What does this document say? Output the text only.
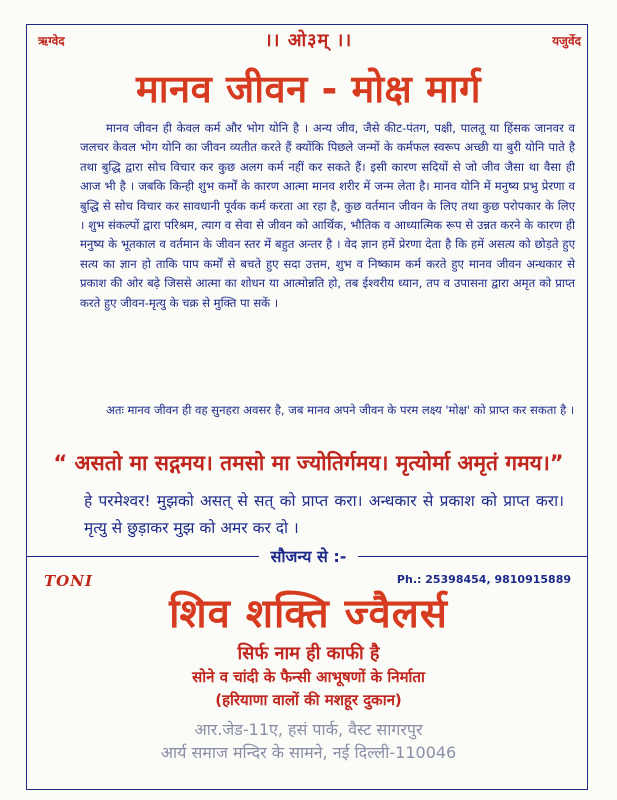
ऋग्वेद	यजुर्वेद
।। ओ३म् ।।
मानव जीवन - मोक्ष मार्ग
मानव जीवन ही केवल कर्म और भोग योनि है । अन्य जीव, जैसे कीट-पंतग, पक्षी, पालतू या हिंसक जानवर व जलचर केवल भोग योनि का जीवन व्यतीत करते हैं क्योंकि पिछले जन्मों के कर्मफल स्वरूप अच्छी या बुरी योनि पाते है तथा बुद्धि द्वारा सोच विचार कर कुछ अलग कर्म नहीं कर सकते हैं। इसी कारण सदियों से जो जीव जैसा था वैसा ही आज भी है । जबकि किन्ही शुभ कर्मों के कारण आत्मा मानव शरीर में जन्म लेता है। मानव योनि में मनुष्य प्रभु प्रेरणा व बुद्धि से सोच विचार कर सावधानी पूर्वक कर्म करता आ रहा है, कुछ वर्तमान जीवन के लिए तथा कुछ परोपकार के लिए । शुभ संकल्पों द्वारा परिश्रम, त्याग व सेवा से जीवन को आर्थिक, भौतिक व आध्यात्मिक रूप से उन्नत करने के कारण ही मनुष्य के भूतकाल व वर्तमान के जीवन स्तर में बहुत अन्तर है । वेद ज्ञान हमें प्रेरणा देता है कि हमें असत्य को छोड़ते हुए सत्य का ज्ञान हो ताकि पाप कर्मों से बचते हुए सदा उत्तम, शुभ व निष्काम कर्म करते हुए मानव जीवन अन्धकार से प्रकाश की ओर बढ़े जिससे आत्मा का शोधन या आत्मोन्नति हो, तब ईश्वरीय ध्यान, तप व उपासना द्वारा अमृत को प्राप्त करते हुए जीवन-मृत्यु के चक्र से मुक्ति पा सकें ।
अतः मानव जीवन ही वह सुनहरा अवसर है, जब मानव अपने जीवन के परम लक्ष्य 'मोक्ष' को प्राप्त कर सकता है ।
“ असतो मा सद्गमय। तमसो मा ज्योतिर्गमय। मृत्योर्मा अमृतं गमय।”
हे परमेश्वर! मुझको असत् से सत् को प्राप्त करा। अन्धकार से प्रकाश को प्राप्त करा। मृत्यु से छुड़ाकर मुझ को अमर कर दो ।
सौजन्य से :-
TONI	Ph.: 25398454, 9810915889
शिव शक्ति ज्वैलर्स
सिर्फ नाम ही काफी है
सोने व चांदी के फैन्सी आभूषणों के निर्माता
(हरियाणा वालों की मशहूर दुकान)
आर.जेड-11ए, हसं पार्क, वैस्ट सागरपुर
आर्य समाज मन्दिर के सामने, नई दिल्ली-110046
